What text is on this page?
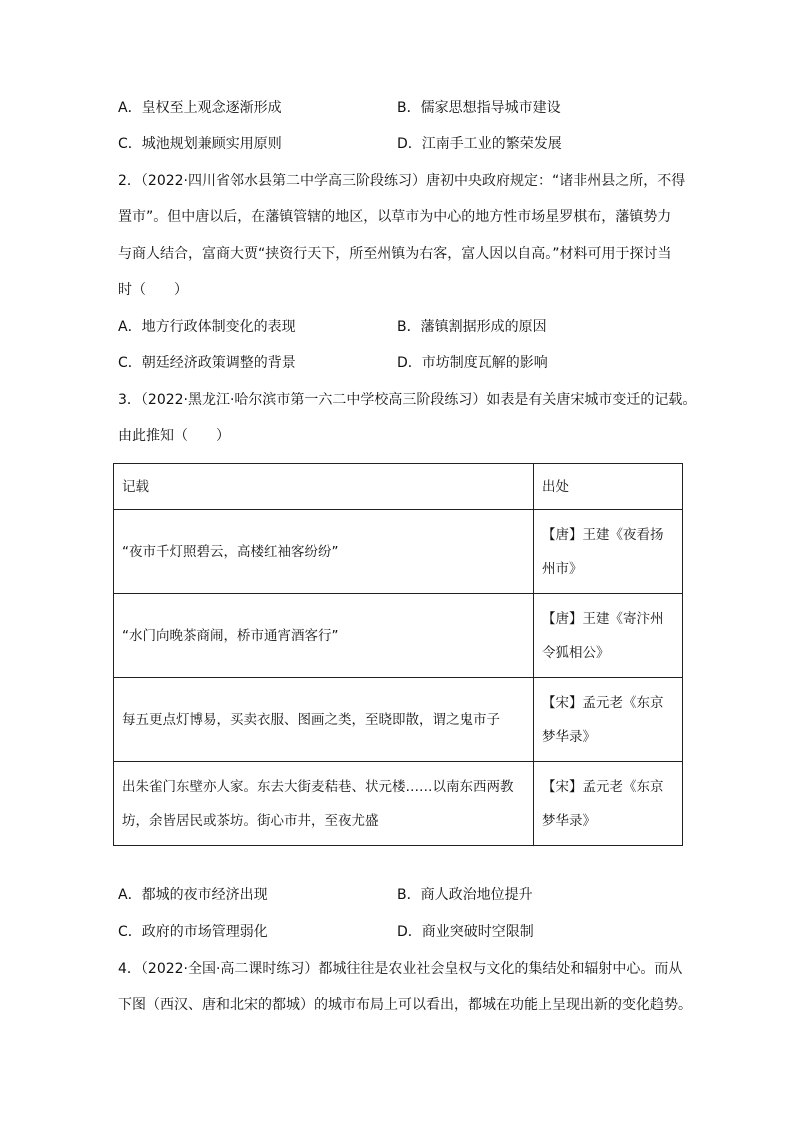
A．皇权至上观念逐渐形成	B．儒家思想指导城市建设
C．城池规划兼顾实用原则	D．江南手工业的繁荣发展
2．（2022·四川省邻水县第二中学高三阶段练习）唐初中央政府规定：“诸非州县之所，不得
置市”。但中唐以后，在藩镇管辖的地区，以草市为中心的地方性市场星罗棋布，藩镇势力
与商人结合，富商大贾“挟资行天下，所至州镇为右客，富人因以自高。”材料可用于探讨当
时（　　）
A．地方行政体制变化的表现	B．藩镇割据形成的原因
C．朝廷经济政策调整的背景	D．市坊制度瓦解的影响
3．（2022·黑龙江·哈尔滨市第一六二中学校高三阶段练习）如表是有关唐宋城市变迁的记载。
由此推知（　　）
记载	出处
“夜市千灯照碧云，高楼红袖客纷纷”	【唐】王建《夜看扬州市》

“水门向晚茶商闹，桥市通宵酒客行”	【唐】王建《寄汴州令狐相公》

每五更点灯博易，买卖衣服、图画之类，至晓即散，谓之鬼市子	【宋】孟元老《东京梦华录》

出朱雀门东壁亦人家。东去大街麦秸巷、状元楼……以南东西两教坊，余皆居民或茶坊。街心市井，至夜尤盛	【宋】孟元老《东京梦华录》
A．都城的夜市经济出现	B．商人政治地位提升
C．政府的市场管理弱化	D．商业突破时空限制
4．（2022·全国·高二课时练习）都城往往是农业社会皇权与文化的集结处和辐射中心。而从
下图（西汉、唐和北宋的都城）的城市布局上可以看出，都城在功能上呈现出新的变化趋势。
